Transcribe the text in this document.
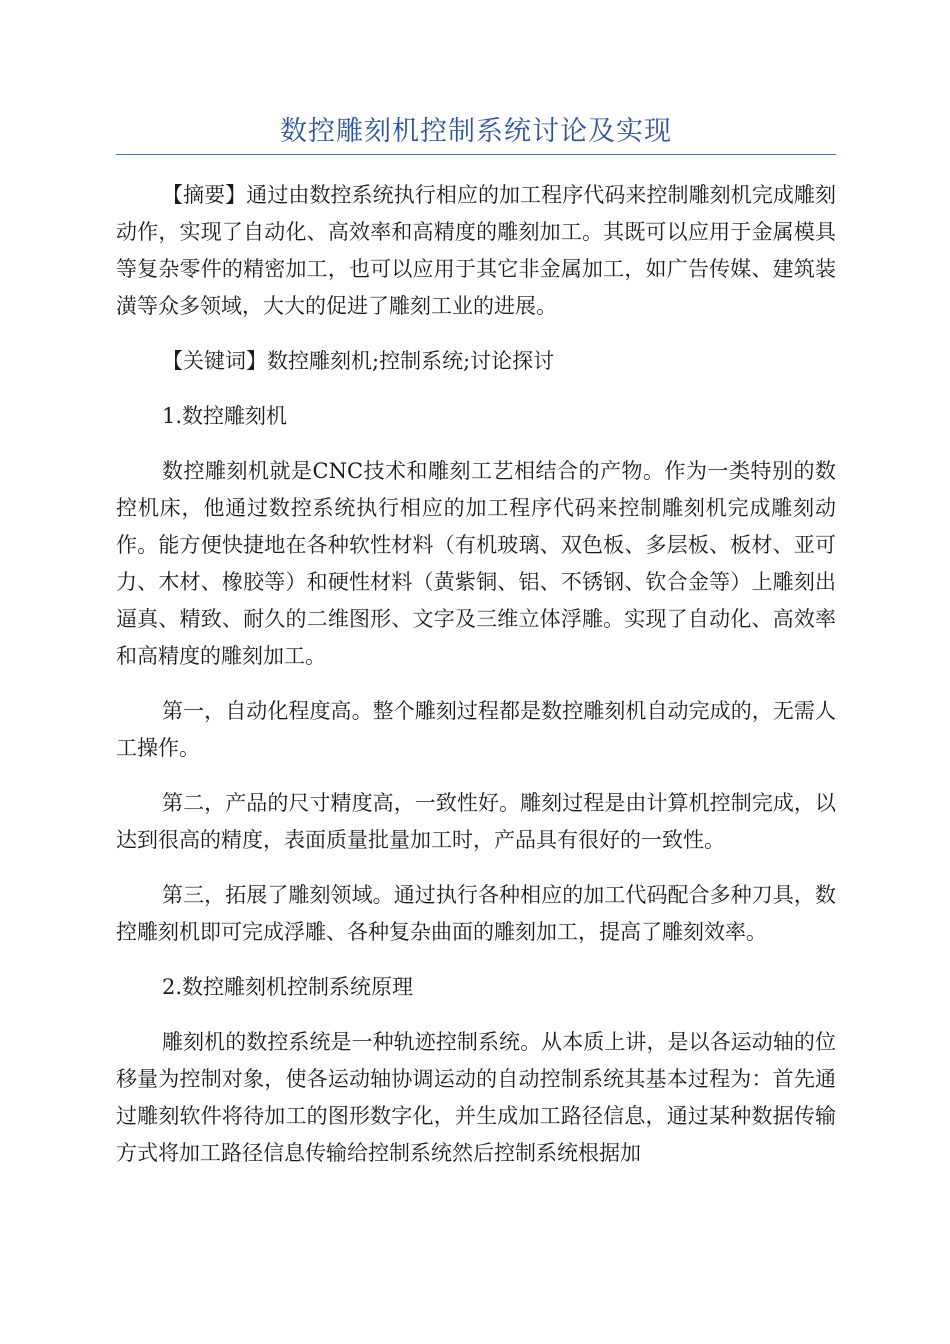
数控雕刻机控制系统讨论及实现

【摘要】通过由数控系统执行相应的加工程序代码来控制雕刻机完成雕刻动作，实现了自动化、高效率和高精度的雕刻加工。其既可以应用于金属模具等复杂零件的精密加工，也可以应用于其它非金属加工，如广告传媒、建筑装潢等众多领域，大大的促进了雕刻工业的进展。

【关键词】数控雕刻机;控制系统;讨论探讨

1.数控雕刻机

数控雕刻机就是CNC技术和雕刻工艺相结合的产物。作为一类特别的数控机床，他通过数控系统执行相应的加工程序代码来控制雕刻机完成雕刻动作。能方便快捷地在各种软性材料（有机玻璃、双色板、多层板、板材、亚可力、木材、橡胶等）和硬性材料（黄紫铜、铝、不锈钢、钦合金等）上雕刻出逼真、精致、耐久的二维图形、文字及三维立体浮雕。实现了自动化、高效率和高精度的雕刻加工。

第一，自动化程度高。整个雕刻过程都是数控雕刻机自动完成的，无需人工操作。

第二，产品的尺寸精度高，一致性好。雕刻过程是由计算机控制完成，以达到很高的精度，表面质量批量加工时，产品具有很好的一致性。

第三，拓展了雕刻领域。通过执行各种相应的加工代码配合多种刀具，数控雕刻机即可完成浮雕、各种复杂曲面的雕刻加工，提高了雕刻效率。

2.数控雕刻机控制系统原理

雕刻机的数控系统是一种轨迹控制系统。从本质上讲，是以各运动轴的位移量为控制对象，使各运动轴协调运动的自动控制系统其基本过程为：首先通过雕刻软件将待加工的图形数字化，并生成加工路径信息，通过某种数据传输方式将加工路径信息传输给控制系统然后控制系统根据加
